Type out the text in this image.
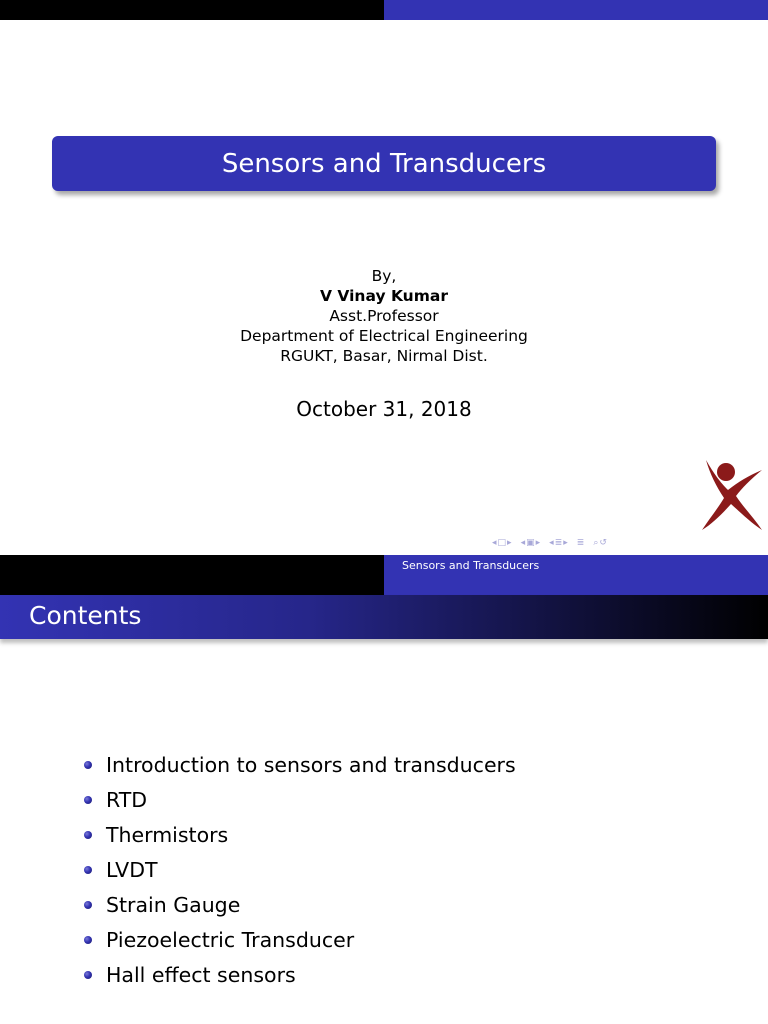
Sensors and Transducers
By,
V Vinay Kumar
Asst.Professor
Department of Electrical Engineering
RGUKT, Basar, Nirmal Dist.
October 31, 2018
◂ □ ▸ ◂ ▣ ▸ ◂ ≣ ▸ ≣ ⌕ ↺
Sensors and Transducers
Contents
Introduction to sensors and transducers
RTD
Thermistors
LVDT
Strain Gauge
Piezoelectric Transducer
Hall effect sensors
